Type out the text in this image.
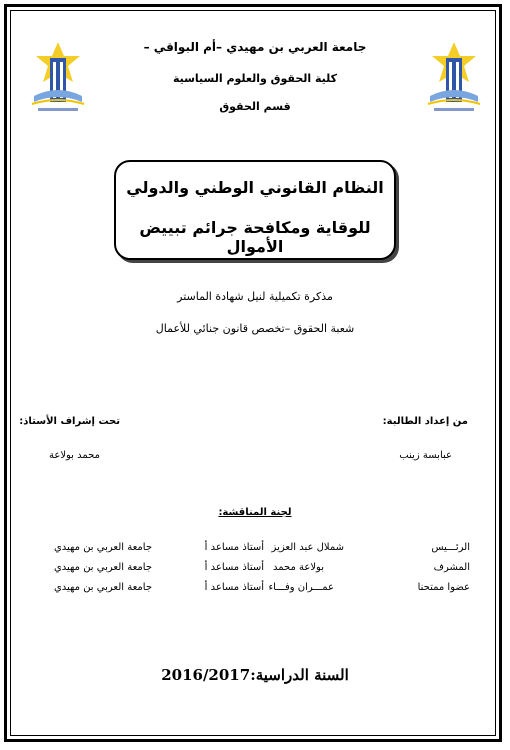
جامعة العربي بن مهيدي –أم البواقي –
كلية الحقوق والعلوم السياسية
قسم الحقوق
النظام القانوني الوطني والدولي
للوقاية ومكافحة جرائم تبييض الأموال
مذكرة تكميلية لنيل شهادة الماستر
شعبة الحقوق –تخصص قانون جنائي للأعمال
من إعداد الطالبة:
تحت إشراف الأستاذ:
عبابسة زينب
محمد بولاعة
لجنة المناقشة:
الرئـــيس
شملال عبد العزيز
أستاذ مساعد أ
جامعة العربي بن مهيدي
المشرف
بولاعة محمد
أستاذ مساعد أ
جامعة العربي بن مهيدي
عضوا ممتحنا
عمـــران وفـــاء
أستاذ مساعد أ
جامعة العربي بن مهيدي
السنة الدراسية:2016/2017
